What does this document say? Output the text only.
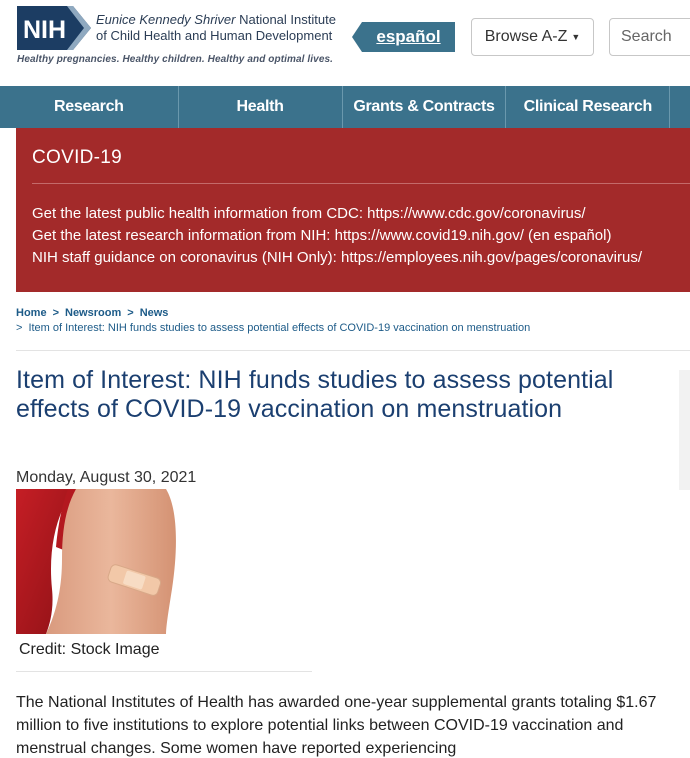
NIH Eunice Kennedy Shriver National Institute
of Child Health and Human Development
Healthy pregnancies. Healthy children. Healthy and optimal lives.
español	Browse A-Z ▼
Search
Research	Health	Grants & Contracts	Clinical Research
COVID-19
Get the latest public health information from CDC: https://www.cdc.gov/coronavirus/
Get the latest research information from NIH: https://www.covid19.nih.gov/ (en español)
NIH staff guidance on coronavirus (NIH Only): https://employees.nih.gov/pages/coronavirus/
Home > Newsroom > News
> Item of Interest: NIH funds studies to assess potential effects of COVID-19 vaccination on menstruation
Item of Interest: NIH funds studies to assess potential effects of COVID-19 vaccination on menstruation
Monday, August 30, 2021
Credit: Stock Image

The National Institutes of Health has awarded one-year supplemental grants totaling $1.67 million to five institutions to explore potential links between COVID-19 vaccination and menstrual changes. Some women have reported experiencing
